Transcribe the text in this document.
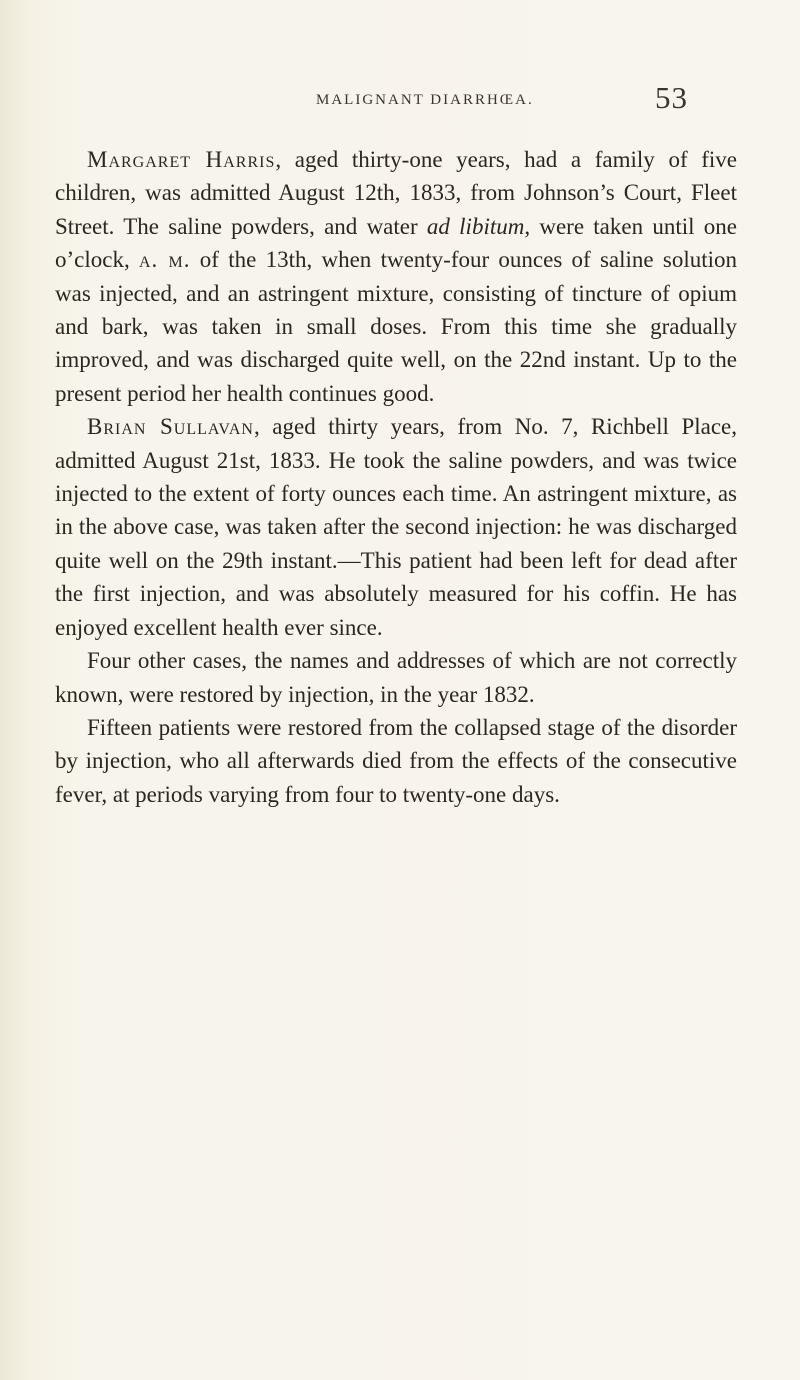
MALIGNANT DIARRHŒA.	53

Margaret Harris, aged thirty-one years, had a family of five children, was admitted August 12th, 1833, from Johnson’s Court, Fleet Street. The saline powders, and water ad libitum, were taken until one o’clock, a. m. of the 13th, when twenty-four ounces of saline solution was injected, and an astringent mixture, consisting of tincture of opium and bark, was taken in small doses. From this time she gradually improved, and was discharged quite well, on the 22nd instant. Up to the present period her health continues good.

Brian Sullavan, aged thirty years, from No. 7, Richbell Place, admitted August 21st, 1833. He took the saline powders, and was twice injected to the extent of forty ounces each time. An astringent mixture, as in the above case, was taken after the second injection: he was discharged quite well on the 29th instant.—This patient had been left for dead after the first injection, and was absolutely measured for his coffin. He has enjoyed excellent health ever since.

Four other cases, the names and addresses of which are not correctly known, were restored by injection, in the year 1832.

Fifteen patients were restored from the collapsed stage of the disorder by injection, who all afterwards died from the effects of the consecutive fever, at periods varying from four to twenty-one days.
